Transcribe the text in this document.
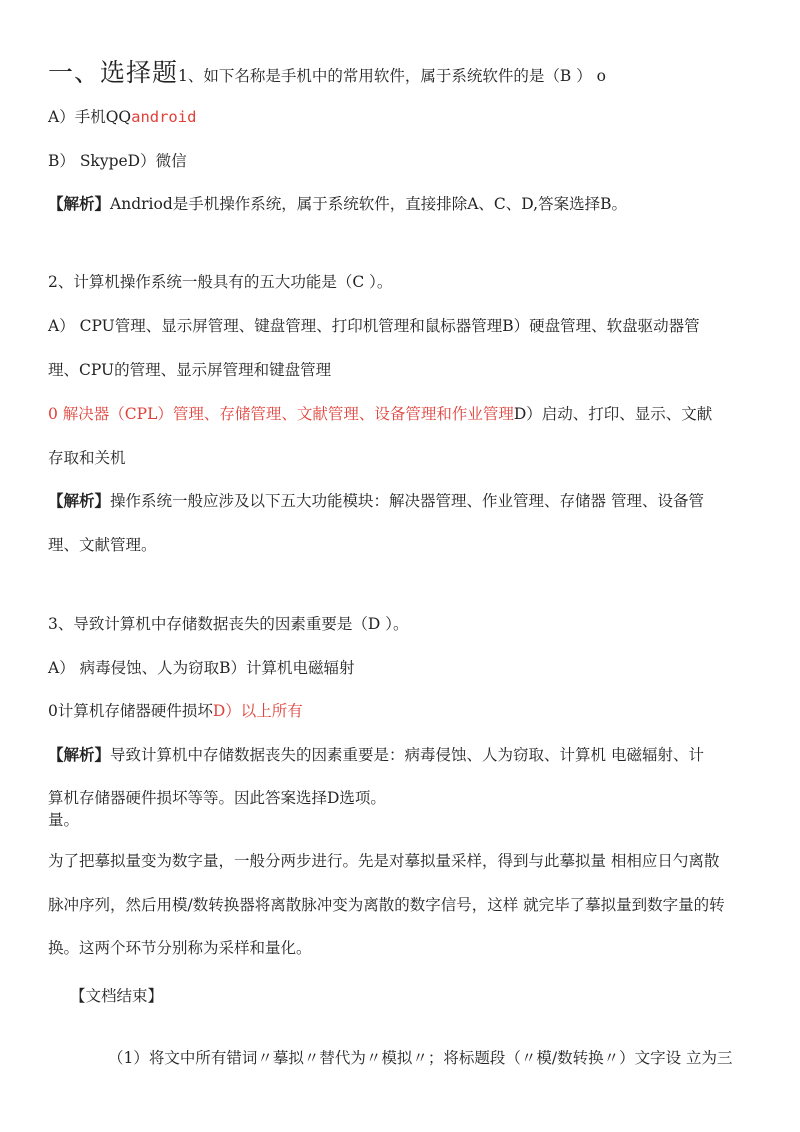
一、选择题1、如下名称是手机中的常用软件，属于系统软件的是（B ） o
A）手机QQandroid
B） SkypeD）微信
【解析】Andriod是手机操作系统，属于系统软件，直接排除A、C、D,答案选择B。
2、计算机操作系统一般具有的五大功能是（C ）。
A） CPU管理、显示屏管理、键盘管理、打印机管理和鼠标器管理B）硬盘管理、软盘驱动器管
理、CPU的管理、显示屏管理和键盘管理
0 解决器（CPL）管理、存储管理、文献管理、设备管理和作业管理D）启动、打印、显示、文献
存取和关机
【解析】操作系统一般应涉及以下五大功能模块：解决器管理、作业管理、存储器 管理、设备管
理、文献管理。
3、导致计算机中存储数据丧失的因素重要是（D ）。
A） 病毒侵蚀、人为窃取B）计算机电磁辐射
0计算机存储器硬件损坏D）以上所有
【解析】导致计算机中存储数据丧失的因素重要是：病毒侵蚀、人为窃取、计算机 电磁辐射、计
算机存储器硬件损坏等等。因此答案选择D选项。
量。
为了把摹拟量变为数字量，一般分两步进行。先是对摹拟量采样，得到与此摹拟量 相相应日勺离散
脉冲序列，然后用模/数转换器将离散脉冲变为离散的数字信号，这样 就完毕了摹拟量到数字量的转
换。这两个环节分别称为采样和量化。
【文档结束】
（1）将文中所有错词〃摹拟〃替代为〃模拟〃；将标题段（〃模/数转换〃）文字设 立为三
